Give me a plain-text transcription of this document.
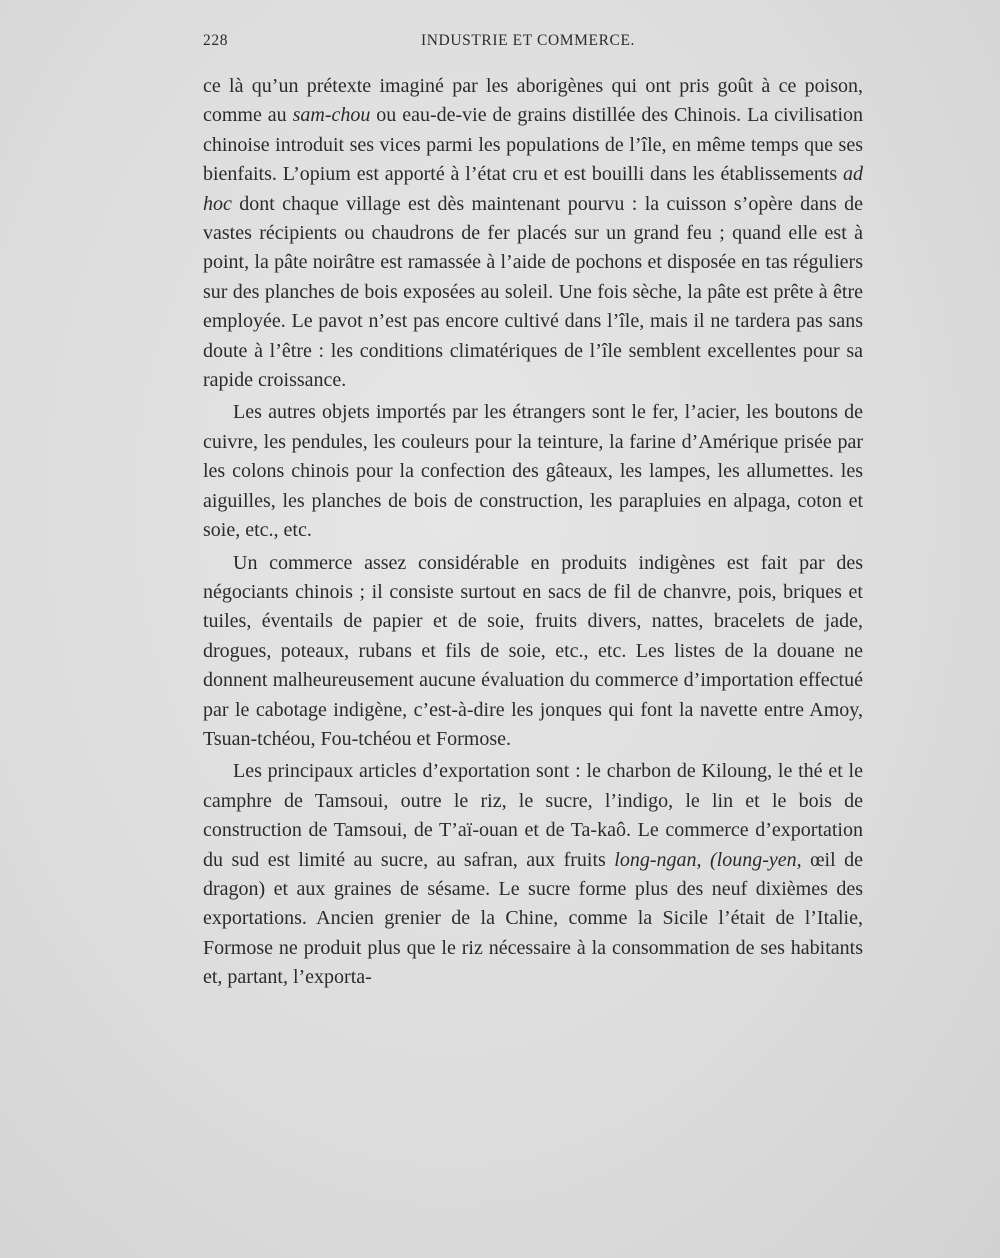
228	INDUSTRIE ET COMMERCE.

ce là qu’un prétexte imaginé par les aborigènes qui ont pris goût à ce poison, comme au sam-chou ou eau-de-vie de grains distillée des Chinois. La civilisation chinoise introduit ses vices parmi les populations de l’île, en même temps que ses bienfaits. L’opium est apporté à l’état cru et est bouilli dans les établissements ad hoc dont chaque village est dès maintenant pourvu : la cuisson s’opère dans de vastes récipients ou chaudrons de fer placés sur un grand feu ; quand elle est à point, la pâte noirâtre est ramassée à l’aide de pochons et disposée en tas réguliers sur des planches de bois exposées au soleil. Une fois sèche, la pâte est prête à être employée. Le pavot n’est pas encore cultivé dans l’île, mais il ne tardera pas sans doute à l’être : les conditions climatériques de l’île semblent excellentes pour sa rapide croissance.

Les autres objets importés par les étrangers sont le fer, l’acier, les boutons de cuivre, les pendules, les couleurs pour la teinture, la farine d’Amérique prisée par les colons chinois pour la confection des gâteaux, les lampes, les allumettes. les aiguilles, les planches de bois de construction, les parapluies en alpaga, coton et soie, etc., etc.

Un commerce assez considérable en produits indigènes est fait par des négociants chinois ; il consiste surtout en sacs de fil de chanvre, pois, briques et tuiles, éventails de papier et de soie, fruits divers, nattes, bracelets de jade, drogues, poteaux, rubans et fils de soie, etc., etc. Les listes de la douane ne donnent malheureusement aucune évaluation du commerce d’importation effectué par le cabotage indigène, c’est-à-dire les jonques qui font la navette entre Amoy, Tsuan-tchéou, Fou-tchéou et Formose.

Les principaux articles d’exportation sont : le charbon de Kiloung, le thé et le camphre de Tamsoui, outre le riz, le sucre, l’indigo, le lin et le bois de construction de Tamsoui, de T’aï-ouan et de Ta-kaô. Le commerce d’exportation du sud est limité au sucre, au safran, aux fruits long-ngan, (loung-yen, œil de dragon) et aux graines de sésame. Le sucre forme plus des neuf dixièmes des exportations. Ancien grenier de la Chine, comme la Sicile l’était de l’Italie, Formose ne produit plus que le riz nécessaire à la consommation de ses habitants et, partant, l’exporta-
